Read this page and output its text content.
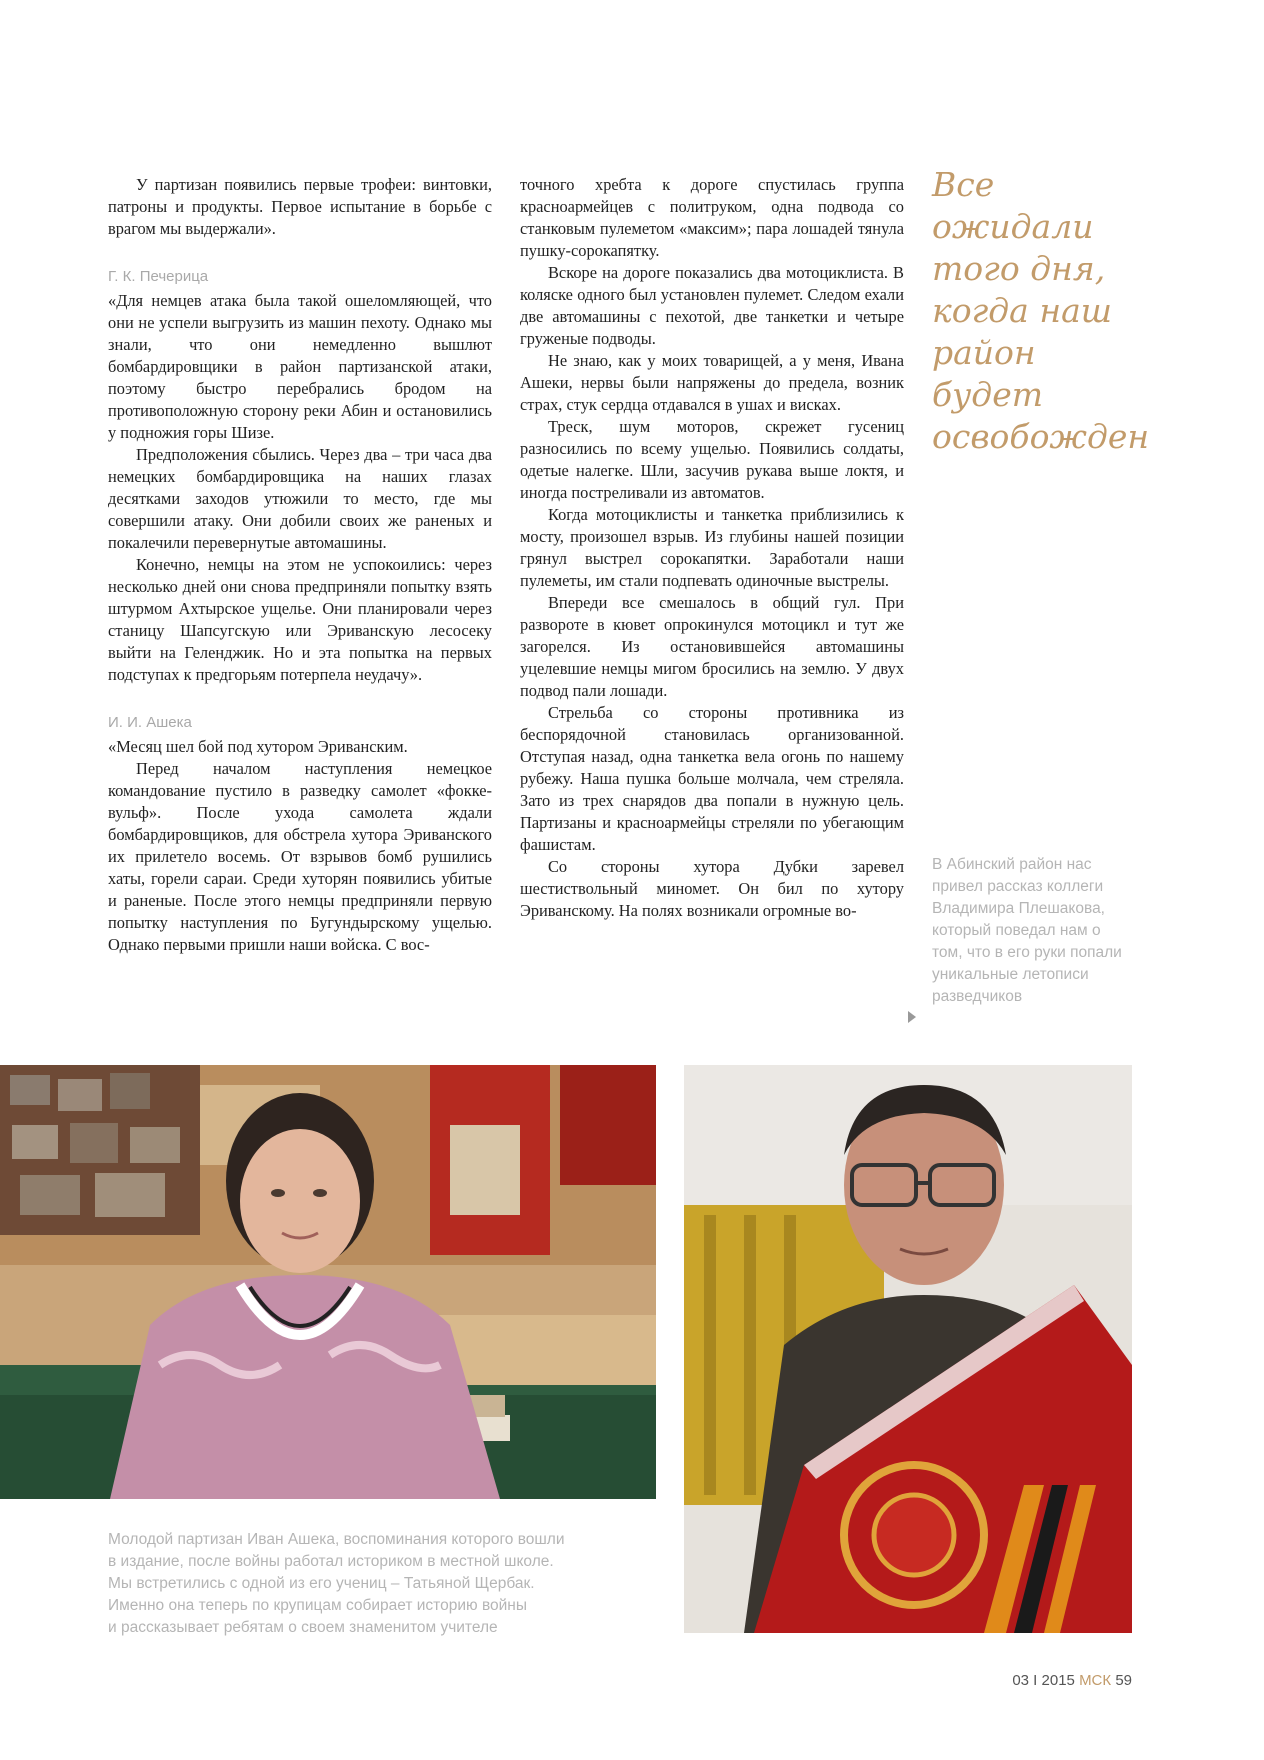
У партизан появились первые трофеи: винтовки, патроны и продукты. Первое испытание в борьбе с врагом мы выдержали».

Г. К. Печерица

«Для немцев атака была такой ошеломляющей, что они не успели выгрузить из машин пехоту. Однако мы знали, что они немедленно вышлют бомбардировщики в район партизанской атаки, поэтому быстро перебрались бродом на противоположную сторону реки Абин и остановились у подножия горы Шизе.

Предположения сбылись. Через два – три часа два немецких бомбардировщика на наших глазах десятками заходов утюжили то место, где мы совершили атаку. Они добили своих же раненых и покалечили перевернутые автомашины.

Конечно, немцы на этом не успокоились: через несколько дней они снова предприняли попытку взять штурмом Ахтырское ущелье. Они планировали через станицу Шапсугскую или Эриванскую лесосеку выйти на Геленджик. Но и эта попытка на первых подступах к предгорьям потерпела неудачу».

И. И. Ашека

«Месяц шел бой под хутором Эриванским.

Перед началом наступления немецкое командование пустило в разведку самолет «фокке-вульф». После ухода самолета ждали бомбардировщиков, для обстрела хутора Эриванского их прилетело восемь. От взрывов бомб рушились хаты, горели сараи. Среди хуторян появились убитые и раненые. После этого немцы предприняли первую попытку наступления по Бугундырскому ущелью. Однако первыми пришли наши войска. С вос-

точного хребта к дороге спустилась группа красноармейцев с политруком, одна подвода со станковым пулеметом «максим»; пара лошадей тянула пушку-сорокапятку.

Вскоре на дороге показались два мотоциклиста. В коляске одного был установлен пулемет. Следом ехали две автомашины с пехотой, две танкетки и четыре груженые подводы.

Не знаю, как у моих товарищей, а у меня, Ивана Ашеки, нервы были напряжены до предела, возник страх, стук сердца отдавался в ушах и висках.

Треск, шум моторов, скрежет гусениц разносились по всему ущелью. Появились солдаты, одетые налегке. Шли, засучив рукава выше локтя, и иногда постреливали из автоматов.

Когда мотоциклисты и танкетка приблизились к мосту, произошел взрыв. Из глубины нашей позиции грянул выстрел сорокапятки. Заработали наши пулеметы, им стали подпевать одиночные выстрелы.

Впереди все смешалось в общий гул. При развороте в кювет опрокинулся мотоцикл и тут же загорелся. Из остановившейся автомашины уцелевшие немцы мигом бросились на землю. У двух подвод пали лошади.

Стрельба со стороны противника из беспорядочной становилась организованной. Отступая назад, одна танкетка вела огонь по нашему рубежу. Наша пушка больше молчала, чем стреляла. Зато из трех снарядов два попали в нужную цель. Партизаны и красноармейцы стреляли по убегающим фашистам.

Со стороны хутора Дубки заревел шестиствольный миномет. Он бил по хутору Эриванскому. На полях возникали огромные во-

Все
ожидали
того дня,
когда наш
район
будет
освобожден
В Абинский район нас привел рассказ коллеги Владимира Плешакова, который поведал нам о том, что в его руки попали уникальные летописи разведчиков
Молодой партизан Иван Ашека, воспоминания которого вошли
в издание, после войны работал историком в местной школе.
Мы встретились с одной из его учениц – Татьяной Щербак.
Именно она теперь по крупицам собирает историю войны
и рассказывает ребятам о своем знаменитом учителе
03 I 2015 МСК 59
